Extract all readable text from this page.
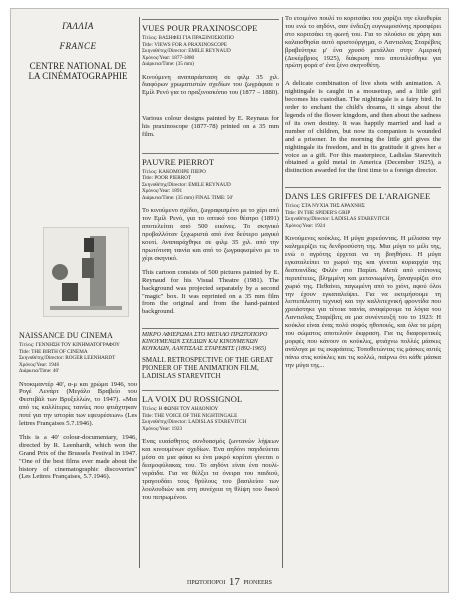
ΓΑΛΛΙΑ
FRANCE
CENTRE NATIONAL DE LA CINÉMATOGRAPHIE
NAISSANCE DU CINEMA
Τίτλος: ΓΕΝΝΗΣΗ ΤΟΥ ΚΙΝΗΜΑΤΟΓΡΑΦΟΥ
Title: THE BIRTH OF CINEMA
Σκηνοθέτης/Director: ROGER LEENHARDT
Χρόνος/Year: 1946
Διάρκεια/Time: 40'

Ντοκιμαντέρ 40', α-μ και χρώμα 1946, του Ρογέ Λενάρτ (Μεγάλο Βραβείο του Φεστιβάλ των Βρυξελλών, το 1947). «Μια από τις καλλίτερες ταινίες που φτιάχτηκαν ποτέ για την ιστορία των εφευρέσεων» (Les lettres Françaises 5.7.1946).

This is a 40' colour-documentary, 1946, directed by R. Leenhardt, which won the Grand Prix of the Brussels Festival in 1947. "One of the best films ever made about the history of cinematographic discoveries" (Les Lettres Françaises, 5.7.1946).

VUES POUR PRAXINOSCOPE
Τίτλος: ΒΑΣΗΦΕΙ ΓΙΑ ΠΡΑΞΙΝΟΣΚΟΠΙΟ
Title: VIEWS FOR A PRAXINOSCOPE
Σκηνοθέτης/Director: EMILE REYNAUD
Χρόνος/Year: 1877-1880
Διάρκεια/Time: (35 mm)

Κινούμενη αναπαράσταση σε φιλμ 35 χιλ. διαφόρων χρωματιστών σχεδίων του ζωγράφισε ο Εμίλ Ρενό για το πραξινοσκόπιο του (1877 – 1880).

Various colour designs painted by E. Reynaus for his praxinoscope (1877-78) printed on a 35 mm film.

PAUVRE PIERROT
Τίτλος: ΚΑΚΟΜΟΙΡΕ ΠΙΕΡΟ
Title: POOR PIERROT
Σκηνοθέτης/Director: EMILE REYNAUD
Χρόνος/Year: 1891
Διάρκεια/Time: (35 mm) FINAL TIME: 50'

Το κινούμενο σχέδιο, ζωγραφισμένο με το χέρι από τον Εμίλ Ρενό, για το οπτικό του θέατρο (1891) αποτελείται από 500 εικόνες. Το σκηνικό προβαλλόταν ξεχωριστά από ένα δεύτερο μαγικό κουτί. Αναπαράχθηκε σε φιλμ 35 χιλ. από την πρωτότυπη ταινία και από το ζωγραφισμένο με το χέρι σκηνικό.

This cartoon consists of 500 pictures painted by E. Reynaud for his Visual Theatre (1981). The background was projected separately by a second "magic" box. It was reprinted on a 35 mm film from the original and from the hand-painted background.

ΜΙΚΡΟ ΑΦΙΕΡΩΜΑ ΣΤΟ ΜΕΓΑΛΟ ΠΡΩΤΟΠΟΡΟ ΚΙΝΟΥΜΕΝΩΝ ΣΧΕΔΙΩΝ ΚΑΙ ΚΙΝΟΥΜΕΝΩΝ ΚΟΥΚΛΩΝ, ΛΑΝΤΙΣΛΑΣ ΣΤΑΡΕΒΙΤΣ (1892-1965)

SMALL RETROSPECTIVE OF THE GREAT PIONEER OF THE ANIMATION FILM, LADISLAS STAREVITCH

LA VOIX DU ROSSIGNOL
Τίτλος: Η ΦΩΝΗ ΤΟΥ ΑΗΔΟΝΙΟΥ
Title: THE VOICE OF THE NIGHTINGALE
Σκηνοθέτης/Director: LADISLAS STAREVITCH
Χρόνος/Year: 1923

Ένας ευαίσθητος συνδυασμός ζωντανών λήψεων και κινουμένων σχεδίων. Ένα αηδόνι παγιδεύεται μέσα σε μια φάκα κι ένα μικρό κορίτσι γίνεται ο δεσμοφύλακας του. Το αηδόνι είναι ένα πουλί-νεράιδα. Για να θέλξει τα όνειρα του παιδιού, τραγουδάει τους θρύλους του βασιλείου των λουλουδιών και στη συνέχεια τη θλίψη του δικού του πεπρωμένου.

Το ετοιμόνο πουλί το κοριτσάκι του χαρίζει την ελευθερία του ενώ το αηδόνι, σαν ένδειξη ευγνωμοσύνης προσφέρει στο κοριτσάκι τη φωνή του. Για το πλούσιο σε χάρη και καλαισθησία αυτό αριστούργημα, ο Λαντισλας Σταρέβιτς βραβεύτηκε μ' ένα χρυσό μετάλλιο στην Αμερική (Δεκέμβριος 1925), διάκριση που αποτελέσθηκε για πρώτη φορά σ' ένα ξένο σκηνοθέτη.

A delicate combination of live shots with animation. A nightingale is caught in a mousetrap, and a little girl becomes his custodian. The nightingale is a fairy bird. In order to enchant the child's dreams, it sings about the legends of the flower kingdom, and then about the sadness of its own destiny. It was happily married and had a number of children, but now its companion is wounded and a prisoner. In the morning the little girl gives the nightingale its freedom, and in its gratitude it gives her a voice as a gift. For this masterpiece, Ladislas Starevitch obtained a gold metal in America (December 1925), a distinction awarded for the first time to a foreign director.

DANS LES GRIFFES DE L'ARAIGNEE
Τίτλος: ΣΤΑ ΝΥΧΙΑ ΤΗΣ ΑΡΑΧΝΗΣ
Title: IN THE SPIDER'S GRIP
Σκηνοθέτης/Director: LADISLAS STAREVITCH
Χρόνος/Year: 1924

Κινούμενες κούκλες. Η μύγα χορεύοντας. Η μέλισσα την καλημερίζει τις δενδροσύστη της. Μια μύγα το μέλι της, ενώ ο αγρότης έρχεται να τη βοηθήσει. Η μύγα εγκαταλείπει το χωριό της και γίνεται κυριαρχία της δεσποινίδας Φιλέν στο Παρίσι. Μετά από επίπονες περιπέτειες, βλημμένη και μετανιωμένη, ξαναγυρίζει στο χωριό της. Πεθαίνει, παγωμένη από το χιόνι, αφού όλοι την έχουν εγκαταλείψει. Για να εκτιμήσουμε τη λεπτεπίλεπτη τεχνική και την καλλιτεχνική φροντίδα που χρειάστηκε για τέτοια ταινία, αναφέρουμε τα λόγια του Λαντισλας Σταρέβιτς σε μια συνέντευξή του το 1923: Η κούκλα είναι ένας πολύ σοφός ηθοποιός, και όλα τα μέρη του σώματος αποτελούν έκφραση. Για τις διαφορετικές μορφές που κάνουν οι κούκλες, φτιάχνω πολλές μάσκες ανάλογα με τις εκφράσεις. Τοποθετώντας τις μάσκες αυτές πάνω στις κούκλες και τις κολλώ, παίρνω ότι κάθε μάσκα την μύγα της...

ΠΡΩΤΟΠΟΡΟΙ 17 PIONEERS
